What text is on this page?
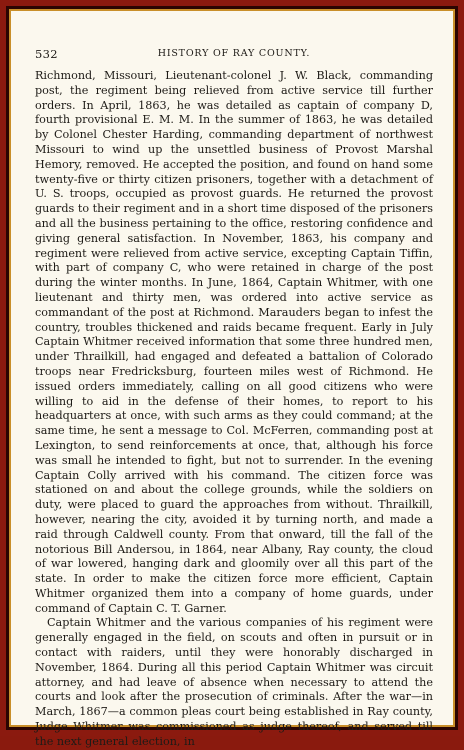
532	HISTORY OF RAY COUNTY.

Richmond, Missouri, Lieutenant-colonel J. W. Black, commanding post, the regiment being relieved from active service till further orders. In April, 1863, he was detailed as captain of company D, fourth provisional E. M. M. In the summer of 1863, he was detailed by Colonel Chester Harding, commanding department of northwest Missouri to wind up the unsettled business of Provost Marshal Hemory, removed. He accepted the position, and found on hand some twenty-five or thirty citizen prisoners, together with a detachment of U. S. troops, occupied as provost guards. He returned the provost guards to their regiment and in a short time disposed of the prisoners and all the business pertaining to the office, restoring confidence and giving general satisfaction. In November, 1863, his company and regiment were relieved from active service, excepting Captain Tiffin, with part of company C, who were retained in charge of the post during the winter months. In June, 1864, Captain Whitmer, with one lieutenant and thirty men, was ordered into active service as commandant of the post at Richmond. Marauders began to infest the country, troubles thickened and raids became frequent. Early in July Captain Whitmer received information that some three hundred men, under Thrailkill, had engaged and defeated a battalion of Colorado troops near Fredricksburg, fourteen miles west of Richmond. He issued orders immediately, calling on all good citizens who were willing to aid in the defense of their homes, to report to his headquarters at once, with such arms as they could command; at the same time, he sent a message to Col. McFerren, commanding post at Lexington, to send reinforcements at once, that, although his force was small he intended to fight, but not to surrender. In the evening Captain Colly arrived with his command. The citizen force was stationed on and about the college grounds, while the soldiers on duty, were placed to guard the approaches from without. Thrailkill, however, nearing the city, avoided it by turning north, and made a raid through Caldwell county. From that onward, till the fall of the notorious Bill Andersou, in 1864, near Albany, Ray county, the cloud of war lowered, hanging dark and gloomily over all this part of the state. In order to make the citizen force more efficient, Captain Whitmer organized them into a company of home guards, under command of Captain C. T. Garner.

Captain Whitmer and the various companies of his regiment were generally engaged in the field, on scouts and often in pursuit or in contact with raiders, until they were honorably discharged in November, 1864. During all this period Captain Whitmer was circuit attorney, and had leave of absence when necessary to attend the courts and look after the prosecution of criminals. After the war—in March, 1867—a common pleas court being established in Ray county, Judge Whitmer was commissioned as judge thereof, and served till the next general election, in
